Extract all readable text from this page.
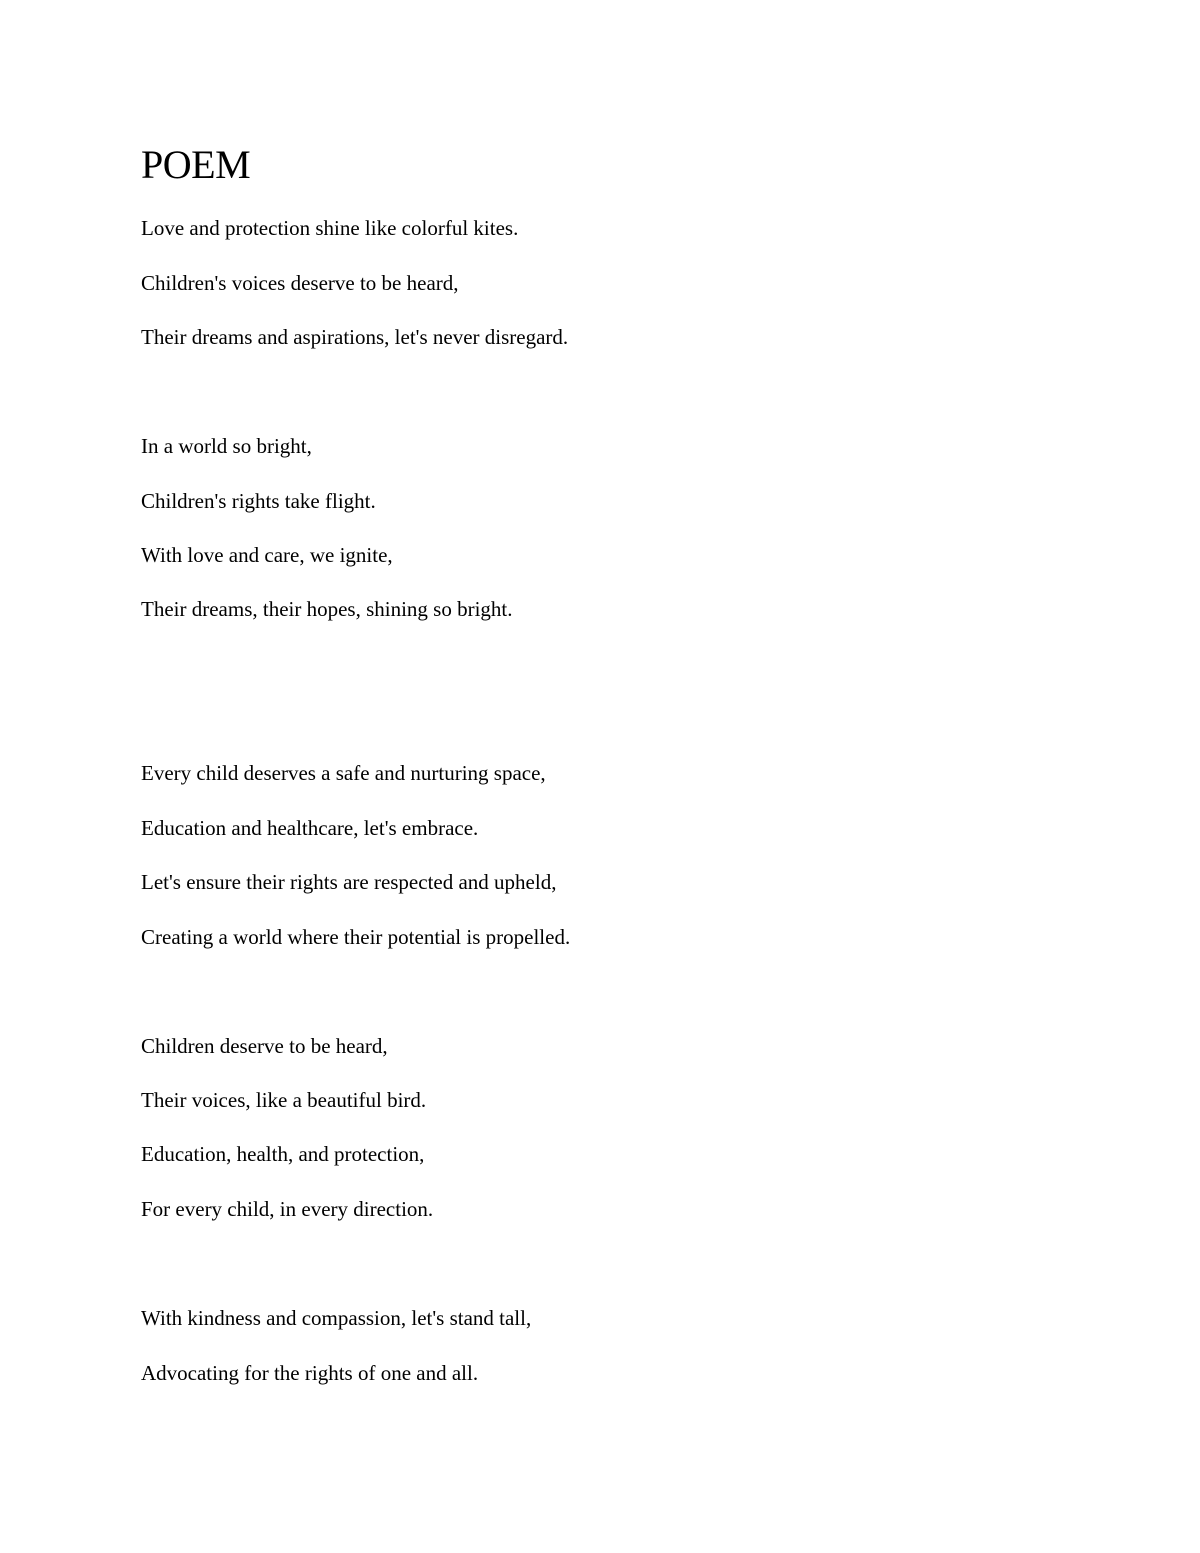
POEM

Love and protection shine like colorful kites.

Children's voices deserve to be heard,

Their dreams and aspirations, let's never disregard.

In a world so bright,

Children's rights take flight.

With love and care, we ignite,

Their dreams, their hopes, shining so bright.

Every child deserves a safe and nurturing space,

Education and healthcare, let's embrace.

Let's ensure their rights are respected and upheld,

Creating a world where their potential is propelled.

Children deserve to be heard,

Their voices, like a beautiful bird.

Education, health, and protection,

For every child, in every direction.

With kindness and compassion, let's stand tall,

Advocating for the rights of one and all.
